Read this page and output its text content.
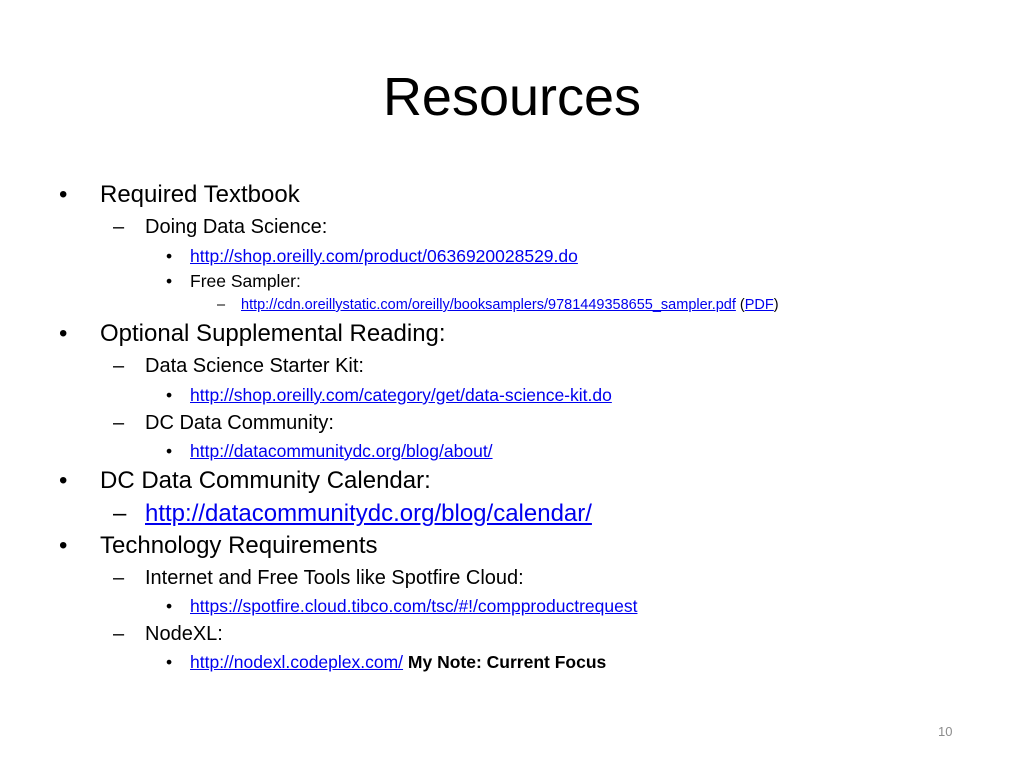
Resources
• Required Textbook
– Doing Data Science:
• http://shop.oreilly.com/product/0636920028529.do
• Free Sampler:
– http://cdn.oreillystatic.com/oreilly/booksamplers/9781449358655_sampler.pdf (PDF)
• Optional Supplemental Reading:
– Data Science Starter Kit:
• http://shop.oreilly.com/category/get/data-science-kit.do
– DC Data Community:
• http://datacommunitydc.org/blog/about/
• DC Data Community Calendar:
– http://datacommunitydc.org/blog/calendar/
• Technology Requirements
– Internet and Free Tools like Spotfire Cloud:
• https://spotfire.cloud.tibco.com/tsc/#!/compproductrequest
– NodeXL:
• http://nodexl.codeplex.com/ My Note: Current Focus
10
